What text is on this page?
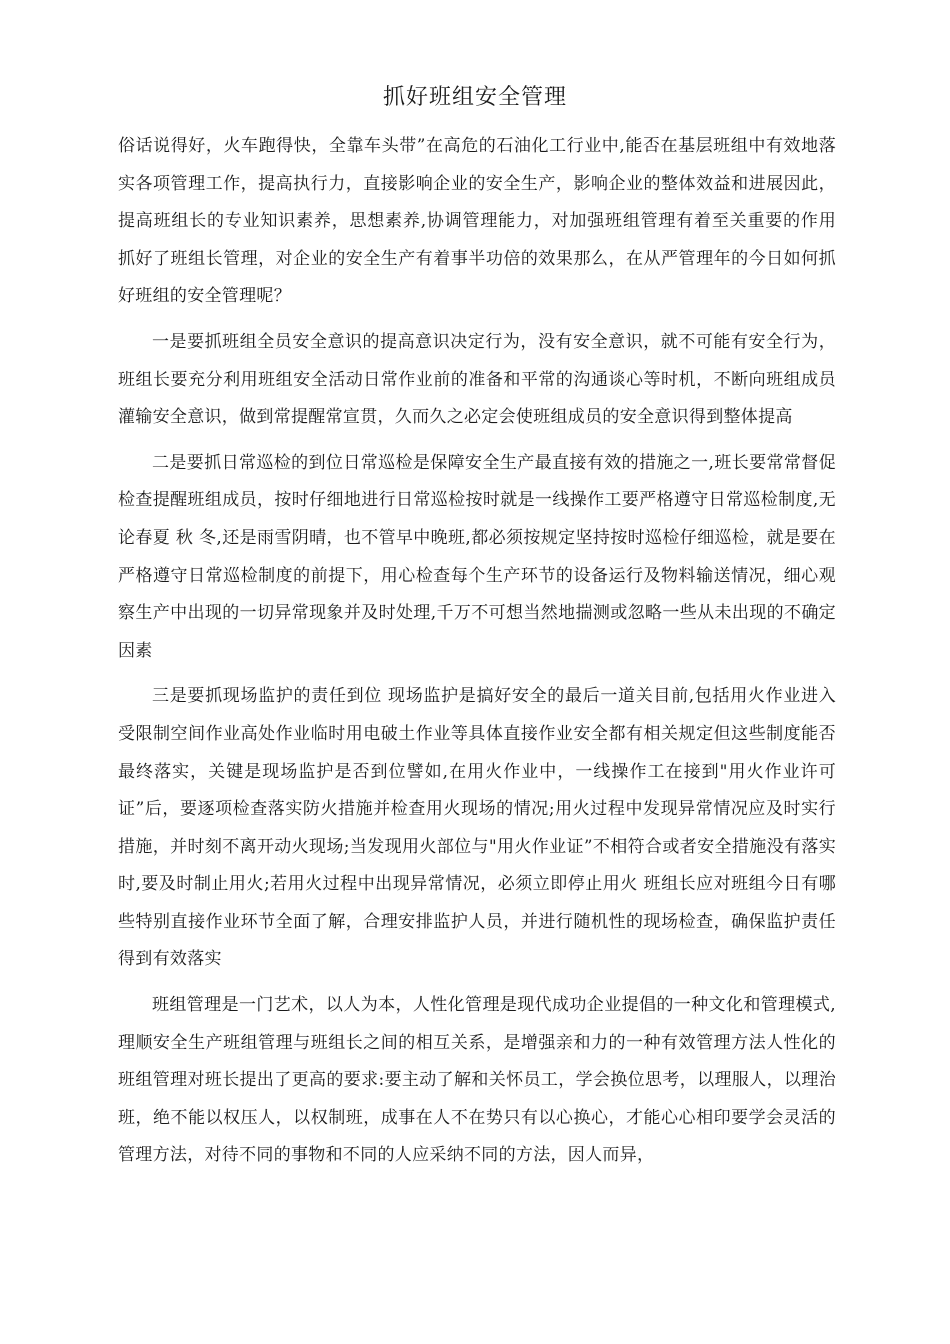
抓好班组安全管理

俗话说得好，火车跑得快，全靠车头带”在高危的石油化工行业中,能否在基层班组中有效地落实各项管理工作，提高执行力，直接影响企业的安全生产，影响企业的整体效益和进展因此，提高班组长的专业知识素养，思想素养,协调管理能力，对加强班组管理有着至关重要的作用 抓好了班组长管理，对企业的安全生产有着事半功倍的效果那么，在从严管理年的今日如何抓好班组的安全管理呢？

一是要抓班组全员安全意识的提高意识决定行为，没有安全意识，就不可能有安全行为，班组长要充分利用班组安全活动日常作业前的准备和平常的沟通谈心等时机，不断向班组成员灌输安全意识，做到常提醒常宣贯，久而久之必定会使班组成员的安全意识得到整体提高

二是要抓日常巡检的到位日常巡检是保障安全生产最直接有效的措施之一,班长要常常督促检查提醒班组成员，按时仔细地进行日常巡检按时就是一线操作工要严格遵守日常巡检制度,无论春夏 秋 冬,还是雨雪阴晴，也不管早中晚班,都必须按规定坚持按时巡检仔细巡检，就是要在严格遵守日常巡检制度的前提下，用心检查每个生产环节的设备运行及物料输送情况，细心观察生产中出现的一切异常现象并及时处理,千万不可想当然地揣测或忽略一些从未出现的不确定因素

三是要抓现场监护的责任到位 现场监护是搞好安全的最后一道关目前,包括用火作业进入受限制空间作业高处作业临时用电破土作业等具体直接作业安全都有相关规定但这些制度能否最终落实，关键是现场监护是否到位譬如,在用火作业中，一线操作工在接到"用火作业许可证”后，要逐项检查落实防火措施并检查用火现场的情况;用火过程中发现异常情况应及时实行措施，并时刻不离开动火现场;当发现用火部位与"用火作业证”不相符合或者安全措施没有落实时,要及时制止用火;若用火过程中出现异常情况，必须立即停止用火 班组长应对班组今日有哪些特别直接作业环节全面了解，合理安排监护人员，并进行随机性的现场检查，确保监护责任得到有效落实

班组管理是一门艺术，以人为本，人性化管理是现代成功企业提倡的一种文化和管理模式,理顺安全生产班组管理与班组长之间的相互关系，是增强亲和力的一种有效管理方法人性化的班组管理对班长提出了更高的要求:要主动了解和关怀员工，学会换位思考，以理服人，以理治班，绝不能以权压人，以权制班，成事在人不在势只有以心换心，才能心心相印要学会灵活的管理方法，对待不同的事物和不同的人应采纳不同的方法，因人而异，
